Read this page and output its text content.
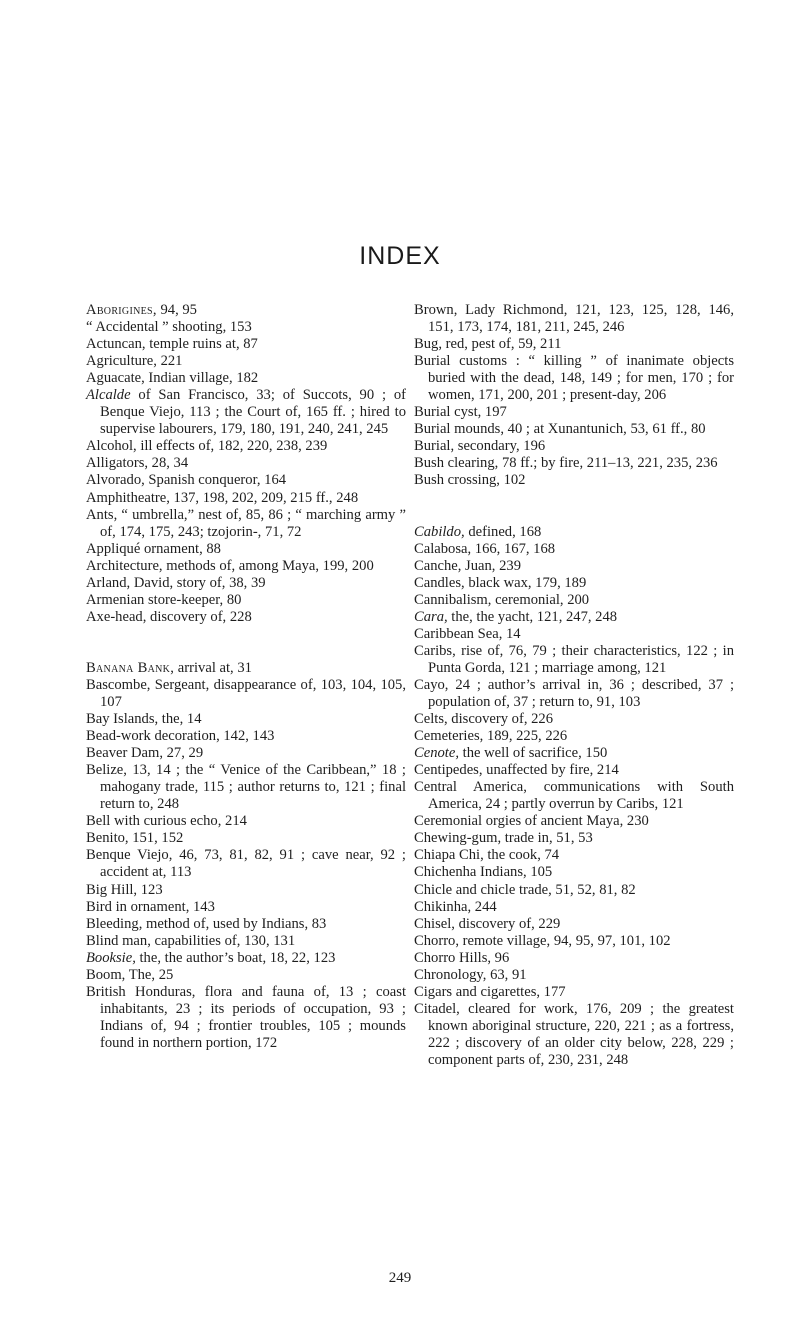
INDEX

Aborigines, 94, 95

“ Accidental ” shooting, 153

Actuncan, temple ruins at, 87

Agriculture, 221

Aguacate, Indian village, 182

Alcalde of San Francisco, 33; of Succots, 90 ; of Benque Viejo, 113 ; the Court of, 165 ff. ; hired to supervise labourers, 179, 180, 191, 240, 241, 245

Alcohol, ill effects of, 182, 220, 238, 239

Alligators, 28, 34

Alvorado, Spanish conqueror, 164

Amphitheatre, 137, 198, 202, 209, 215 ff., 248

Ants, “ umbrella,” nest of, 85, 86 ; “ marching army ” of, 174, 175, 243; tzojorin-, 71, 72

Appliqué ornament, 88

Architecture, methods of, among Maya, 199, 200

Arland, David, story of, 38, 39

Armenian store-keeper, 80

Axe-head, discovery of, 228

Banana Bank, arrival at, 31

Bascombe, Sergeant, disappearance of, 103, 104, 105, 107

Bay Islands, the, 14

Bead-work decoration, 142, 143

Beaver Dam, 27, 29

Belize, 13, 14 ; the “ Venice of the Caribbean,” 18 ; mahogany trade, 115 ; author returns to, 121 ; final return to, 248

Bell with curious echo, 214

Benito, 151, 152

Benque Viejo, 46, 73, 81, 82, 91 ; cave near, 92 ; accident at, 113

Big Hill, 123

Bird in ornament, 143

Bleeding, method of, used by Indians, 83

Blind man, capabilities of, 130, 131

Booksie, the, the author’s boat, 18, 22, 123

Boom, The, 25

British Honduras, flora and fauna of, 13 ; coast inhabitants, 23 ; its periods of occupation, 93 ; Indians of, 94 ; frontier troubles, 105 ; mounds found in northern portion, 172

Brown, Lady Richmond, 121, 123, 125, 128, 146, 151, 173, 174, 181, 211, 245, 246

Bug, red, pest of, 59, 211

Burial customs : “ killing ” of inanimate objects buried with the dead, 148, 149 ; for men, 170 ; for women, 171, 200, 201 ; present-day, 206

Burial cyst, 197

Burial mounds, 40 ; at Xunantunich, 53, 61 ff., 80

Burial, secondary, 196

Bush clearing, 78 ff.; by fire, 211–13, 221, 235, 236

Bush crossing, 102

Cabildo, defined, 168

Calabosa, 166, 167, 168

Canche, Juan, 239

Candles, black wax, 179, 189

Cannibalism, ceremonial, 200

Cara, the, the yacht, 121, 247, 248

Caribbean Sea, 14

Caribs, rise of, 76, 79 ; their characteristics, 122 ; in Punta Gorda, 121 ; marriage among, 121

Cayo, 24 ; author’s arrival in, 36 ; described, 37 ; population of, 37 ; return to, 91, 103

Celts, discovery of, 226

Cemeteries, 189, 225, 226

Cenote, the well of sacrifice, 150

Centipedes, unaffected by fire, 214

Central America, communications with South America, 24 ; partly overrun by Caribs, 121

Ceremonial orgies of ancient Maya, 230

Chewing-gum, trade in, 51, 53

Chiapa Chi, the cook, 74

Chichenha Indians, 105

Chicle and chicle trade, 51, 52, 81, 82

Chikinha, 244

Chisel, discovery of, 229

Chorro, remote village, 94, 95, 97, 101, 102

Chorro Hills, 96

Chronology, 63, 91

Cigars and cigarettes, 177

Citadel, cleared for work, 176, 209 ; the greatest known aboriginal structure, 220, 221 ; as a fortress, 222 ; discovery of an older city below, 228, 229 ; component parts of, 230, 231, 248

249
